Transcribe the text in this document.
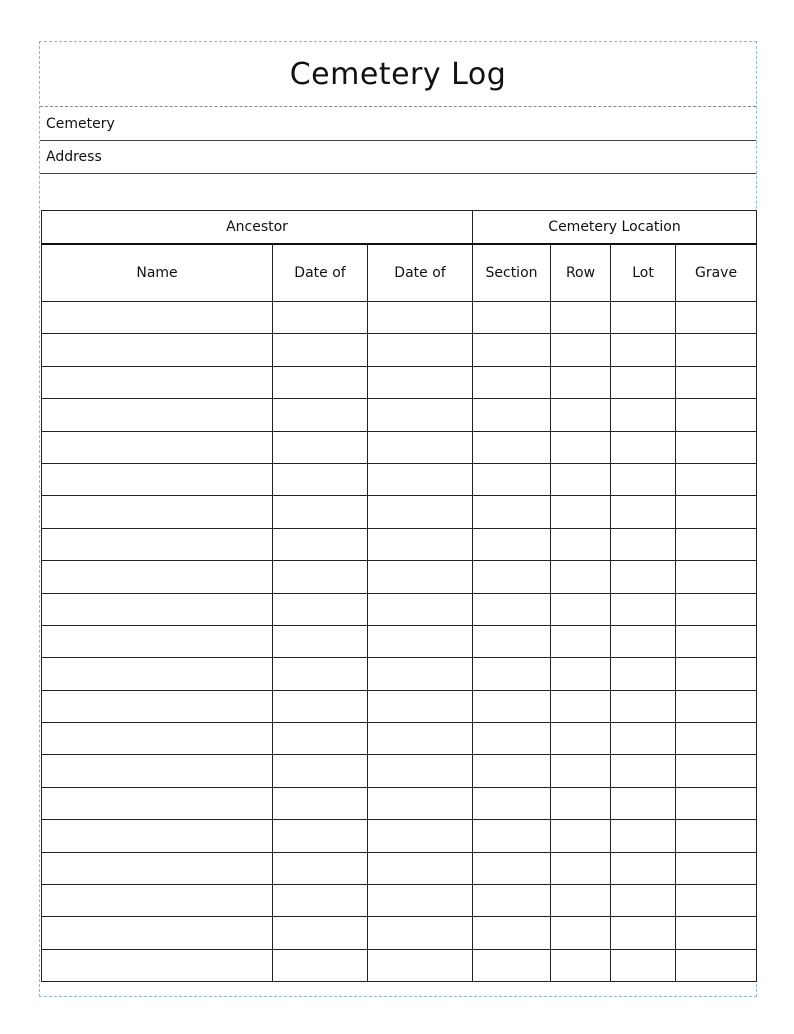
Cemetery Log
Cemetery
Address
Ancestor			Cemetery Location			
Name	Date of	Date of	Section	Row	Lot	Grave
